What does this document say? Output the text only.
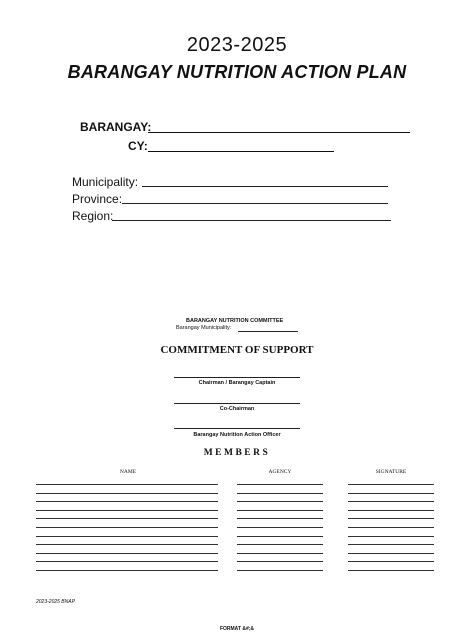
2023-2025
BARANGAY NUTRITION ACTION PLAN
BARANGAY:
CY:
Municipality:
Province:
Region:
BARANGAY NUTRITION COMMITTEE
Barangay Municipality:
COMMITMENT OF SUPPORT
Chairman / Barangay Captain
Co-Chairman
Barangay Nutrition Action Officer
MEMBERS
NAME	AGENCY	SIGNATURE
2023-2025 BNAP
FORMAT &#;&
